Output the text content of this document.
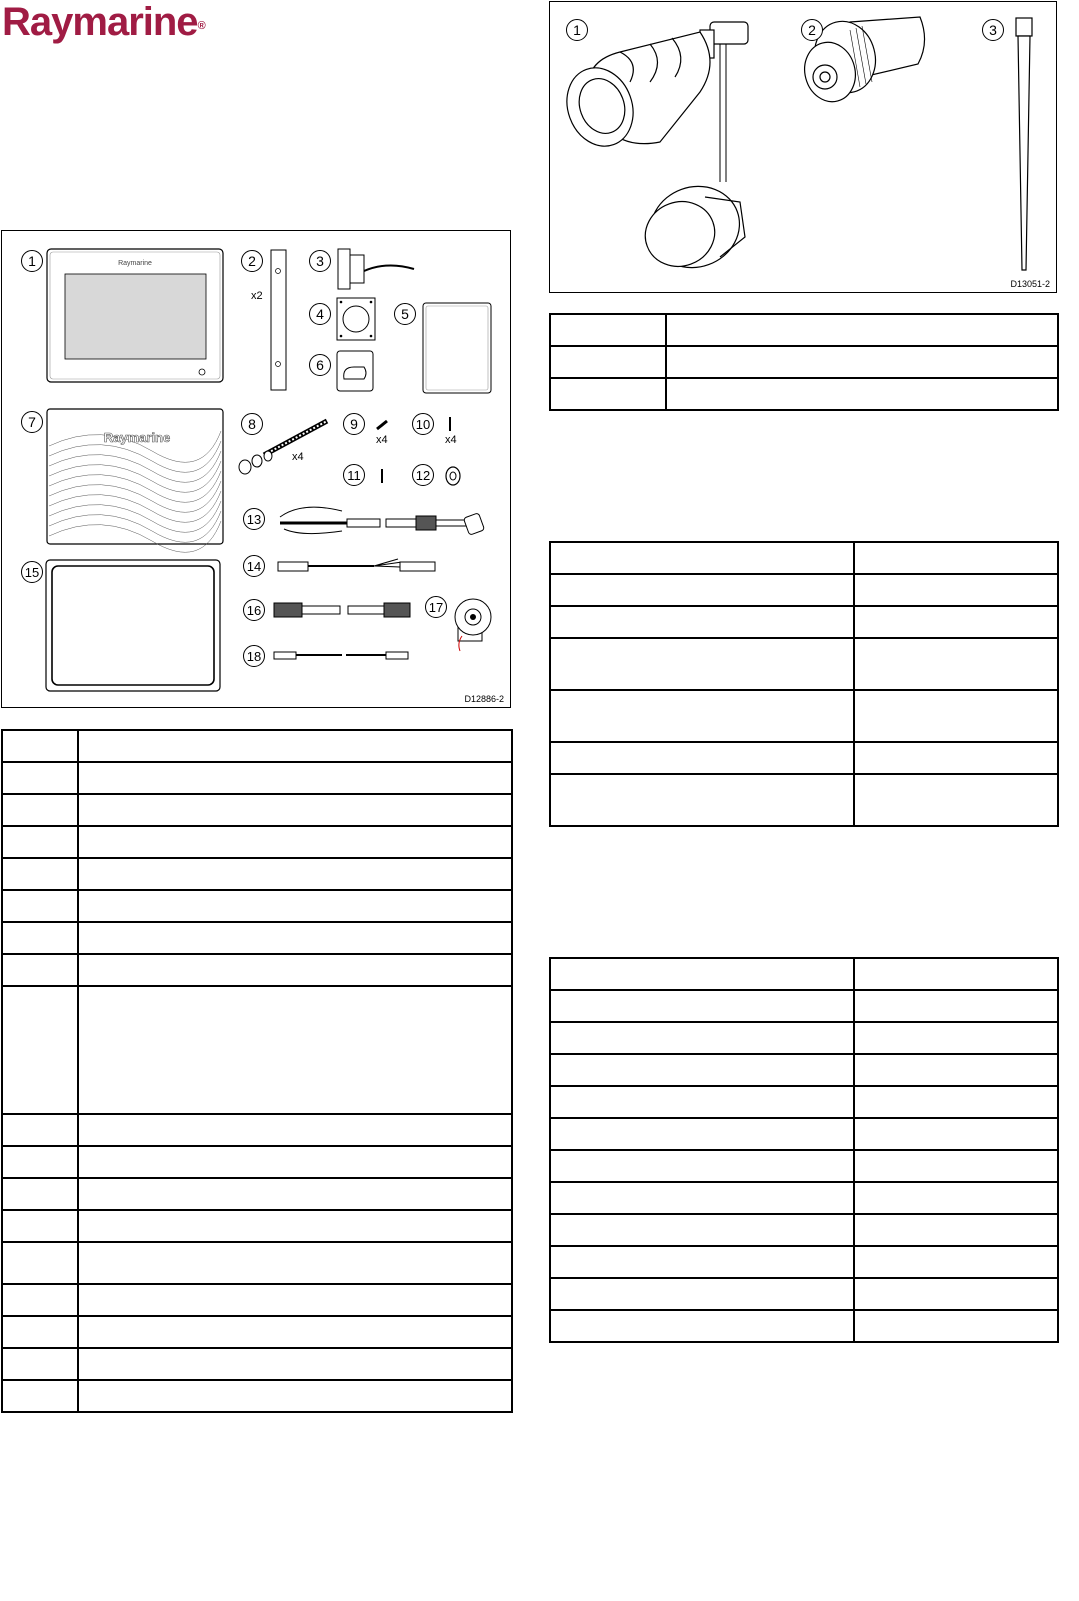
Raymarine®
Raymarine
x2
Raymarine
x4
x4	x4
1	2	3
4	5
6
7	8	9	10
11	12
13
14
15
16	17
18
D12886-2
1	2	3
D13051-2
